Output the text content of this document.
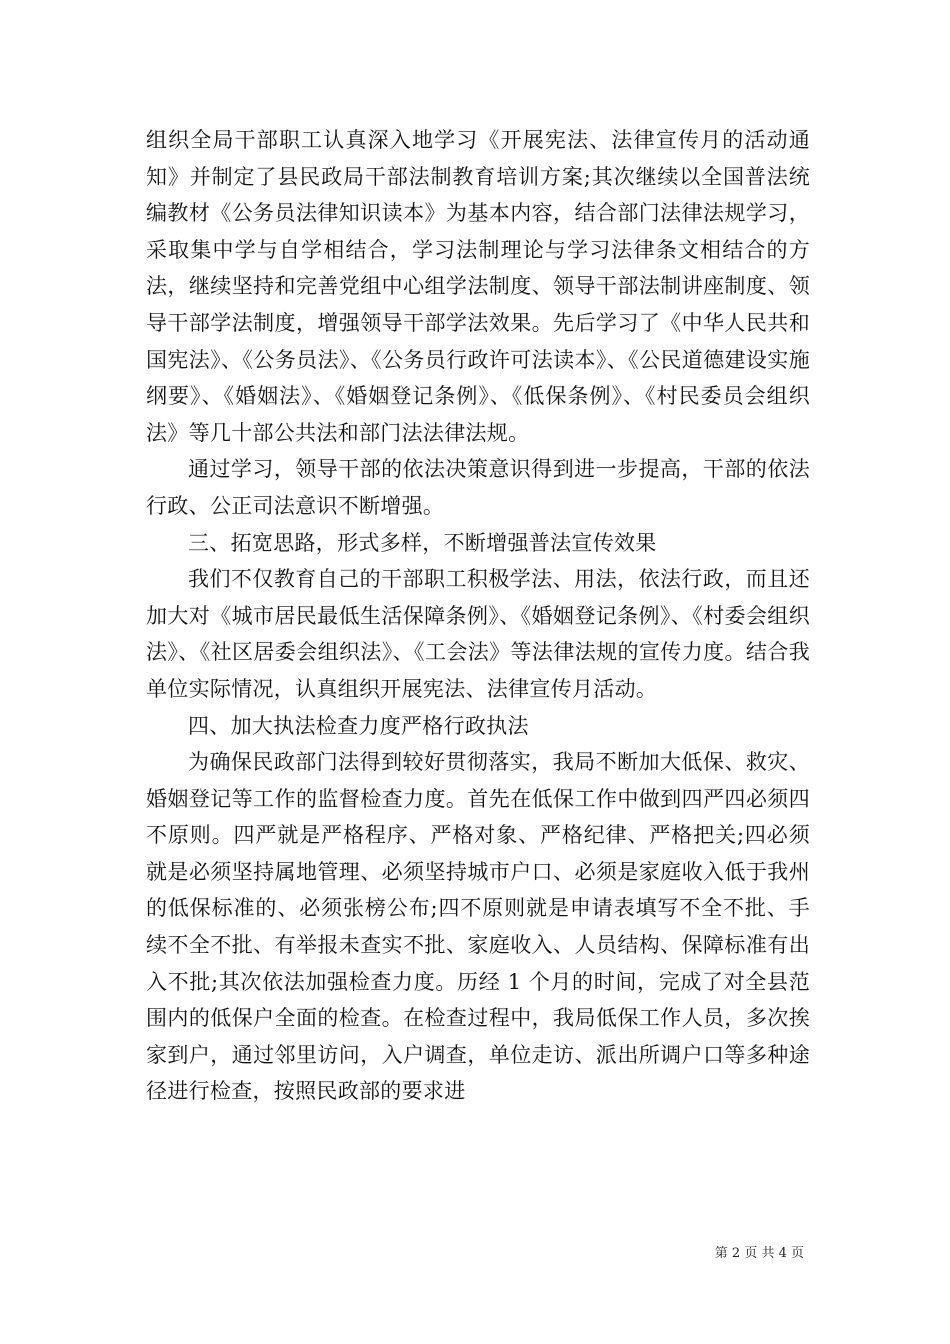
组织全局干部职工认真深入地学习《开展宪法、法律宣传月的活动通知》并制定了县民政局干部法制教育培训方案;其次继续以全国普法统编教材《公务员法律知识读本》为基本内容，结合部门法律法规学习，采取集中学与自学相结合，学习法制理论与学习法律条文相结合的方法，继续坚持和完善党组中心组学法制度、领导干部法制讲座制度、领导干部学法制度，增强领导干部学法效果。先后学习了《中华人民共和国宪法》、《公务员法》、《公务员行政许可法读本》、《公民道德建设实施纲要》、《婚姻法》、《婚姻登记条例》、《低保条例》、《村民委员会组织法》等几十部公共法和部门法法律法规。

通过学习，领导干部的依法决策意识得到进一步提高，干部的依法行政、公正司法意识不断增强。

三、拓宽思路，形式多样，不断增强普法宣传效果

我们不仅教育自己的干部职工积极学法、用法，依法行政，而且还加大对《城市居民最低生活保障条例》、《婚姻登记条例》、《村委会组织法》、《社区居委会组织法》、《工会法》等法律法规的宣传力度。结合我单位实际情况，认真组织开展宪法、法律宣传月活动。

四、加大执法检查力度严格行政执法

为确保民政部门法得到较好贯彻落实，我局不断加大低保、救灾、婚姻登记等工作的监督检查力度。首先在低保工作中做到四严四必须四不原则。四严就是严格程序、严格对象、严格纪律、严格把关;四必须就是必须坚持属地管理、必须坚持城市户口、必须是家庭收入低于我州的低保标准的、必须张榜公布;四不原则就是申请表填写不全不批、手续不全不批、有举报未查实不批、家庭收入、人员结构、保障标准有出入不批;其次依法加强检查力度。历经 1 个月的时间，完成了对全县范围内的低保户全面的检查。在检查过程中，我局低保工作人员，多次挨家到户，通过邻里访问，入户调查，单位走访、派出所调户口等多种途径进行检查，按照民政部的要求进

第 2 页 共 4 页
